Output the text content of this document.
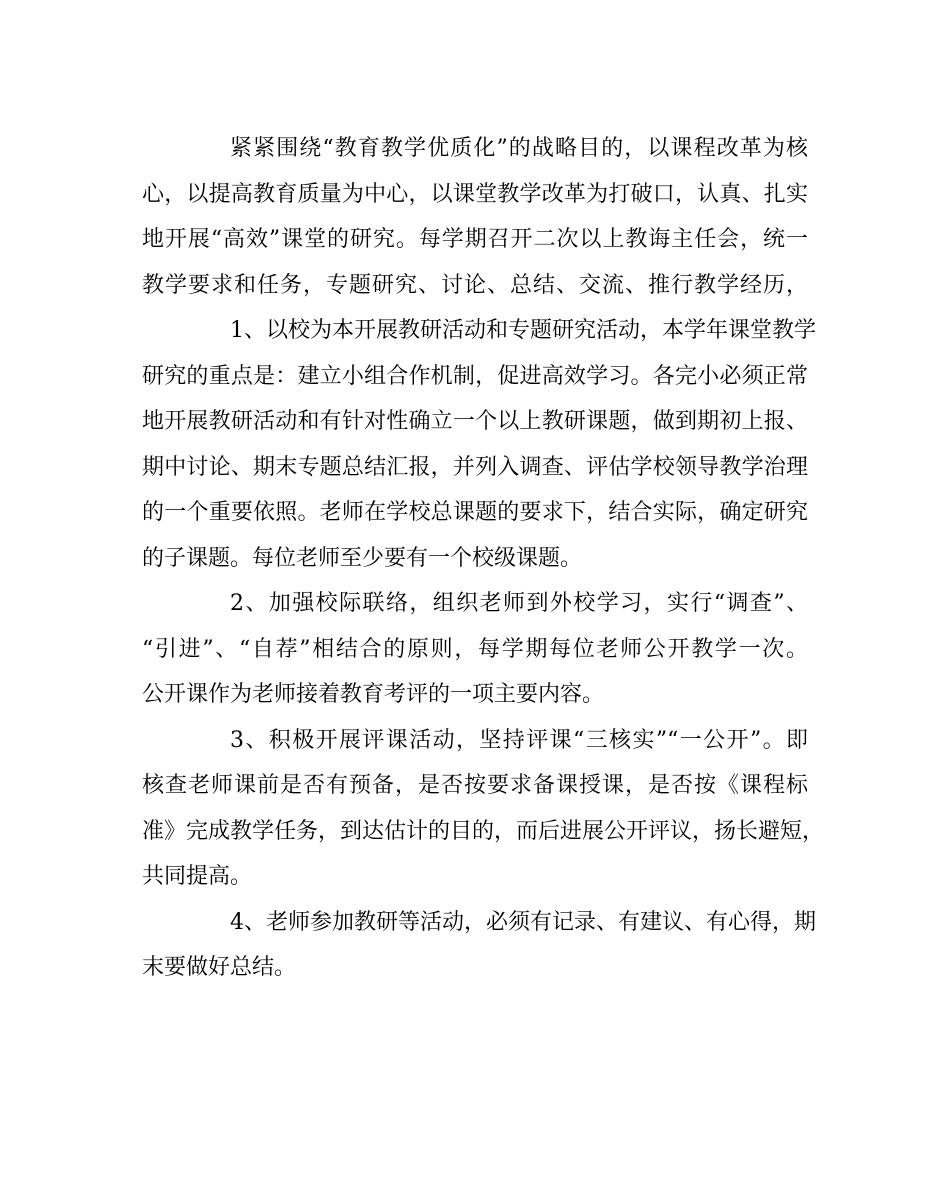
紧紧围绕“教育教学优质化”的战略目的，以课程改革为核
心，以提高教育质量为中心，以课堂教学改革为打破口，认真、扎实
地开展“高效”课堂的研究。每学期召开二次以上教诲主任会，统一
教学要求和任务，专题研究、讨论、总结、交流、推行教学经历，
1、以校为本开展教研活动和专题研究活动，本学年课堂教学
研究的重点是：建立小组合作机制，促进高效学习。各完小必须正常
地开展教研活动和有针对性确立一个以上教研课题，做到期初上报、
期中讨论、期末专题总结汇报，并列入调查、评估学校领导教学治理
的一个重要依照。老师在学校总课题的要求下，结合实际，确定研究
的子课题。每位老师至少要有一个校级课题。
2、加强校际联络，组织老师到外校学习，实行“调查”、
“引进”、“自荐”相结合的原则，每学期每位老师公开教学一次。
公开课作为老师接着教育考评的一项主要内容。
3、积极开展评课活动，坚持评课“三核实”“一公开”。即
核查老师课前是否有预备，是否按要求备课授课，是否按《课程标
准》完成教学任务，到达估计的目的，而后进展公开评议，扬长避短，
共同提高。
4、老师参加教研等活动，必须有记录、有建议、有心得，期
末要做好总结。
